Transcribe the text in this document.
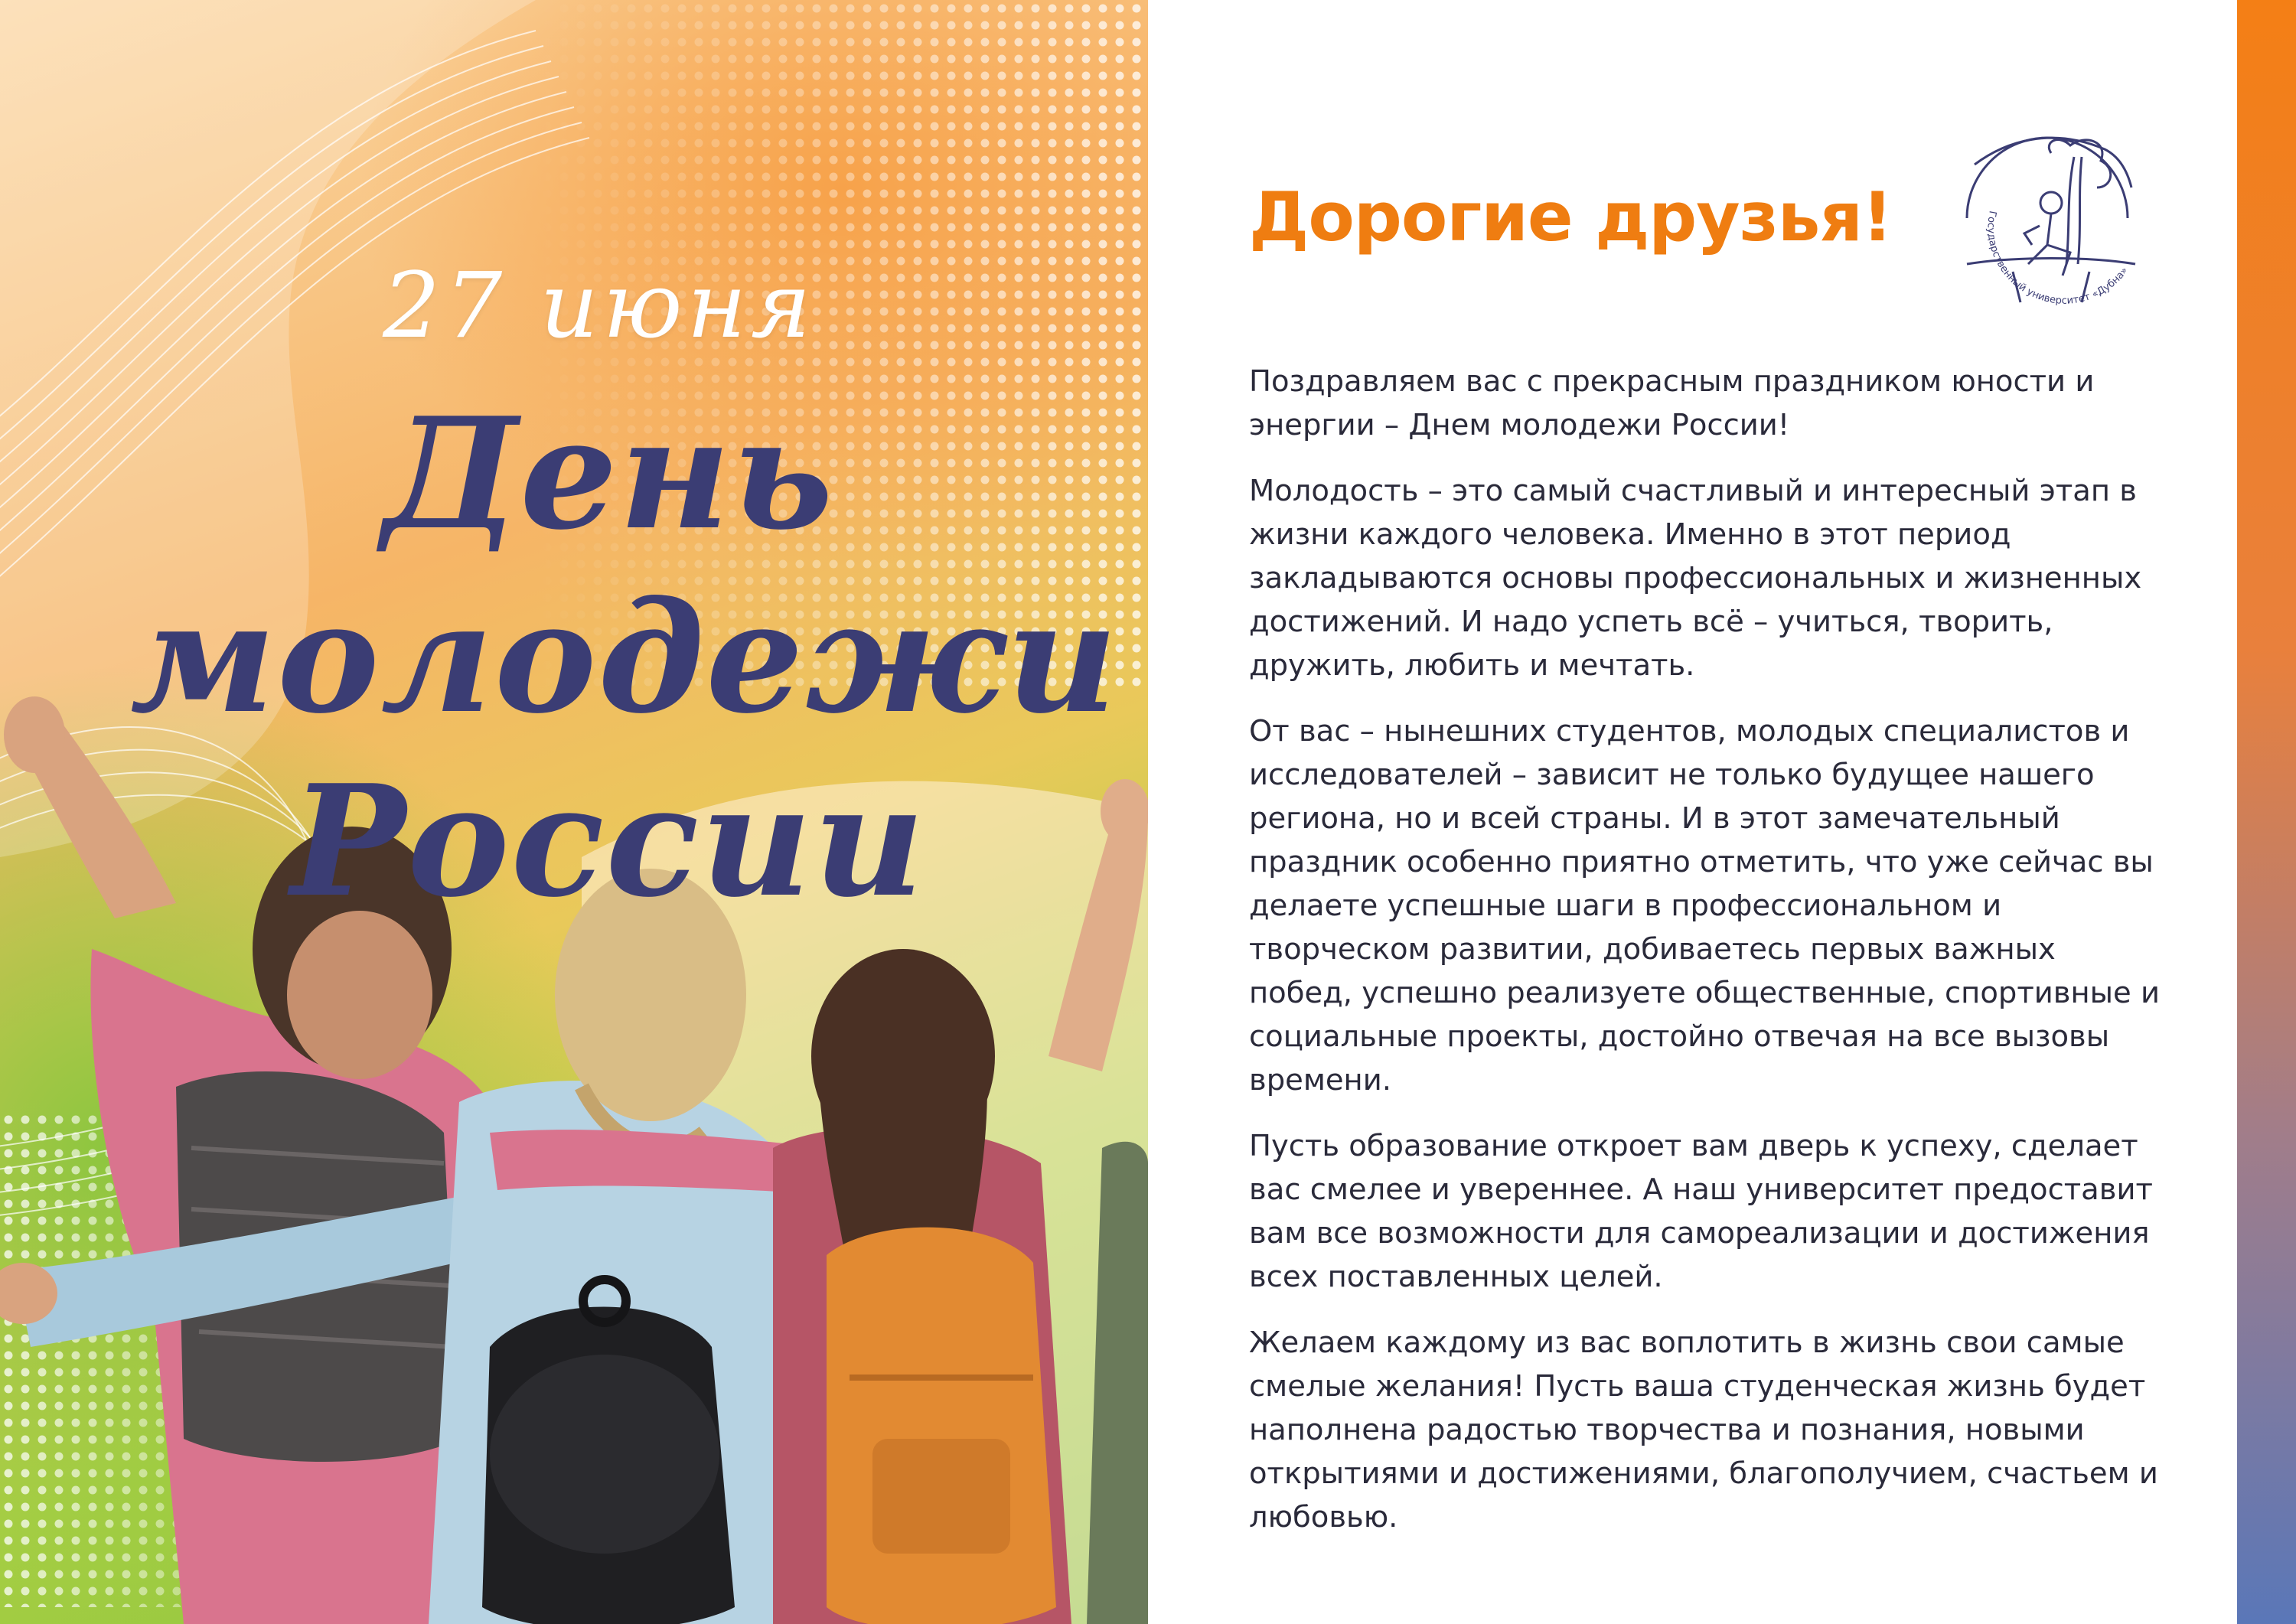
27 июня
День молодежи России
Государственный университет «Дубна»
Дорогие друзья!

Поздравляем вас с прекрасным праздником юности и энергии – Днем молодежи России!

Молодость – это самый счастливый и интересный этап в жизни каждого человека. Именно в этот период закладываются основы профессиональных и жизненных достижений. И надо успеть всё – учиться, творить, дружить, любить и мечтать.

От вас – нынешних студентов, молодых специалистов и исследователей – зависит не только будущее нашего региона, но и всей страны. И в этот замечательный праздник особенно приятно отметить, что уже сейчас вы делаете успешные шаги в профессиональном и творческом развитии, добиваетесь первых важных побед, успешно реализуете общественные, спортивные и социальные проекты, достойно отвечая на все вызовы времени.

Пусть образование откроет вам дверь к успеху, сделает вас смелее и увереннее. А наш университет предоставит вам все возможности для самореализации и достижения всех поставленных целей.

Желаем каждому из вас воплотить в жизнь свои самые смелые желания! Пусть ваша студенческая жизнь будет наполнена радостью творчества и познания, новыми открытиями и достижениями, благополучием, счастьем и любовью.
